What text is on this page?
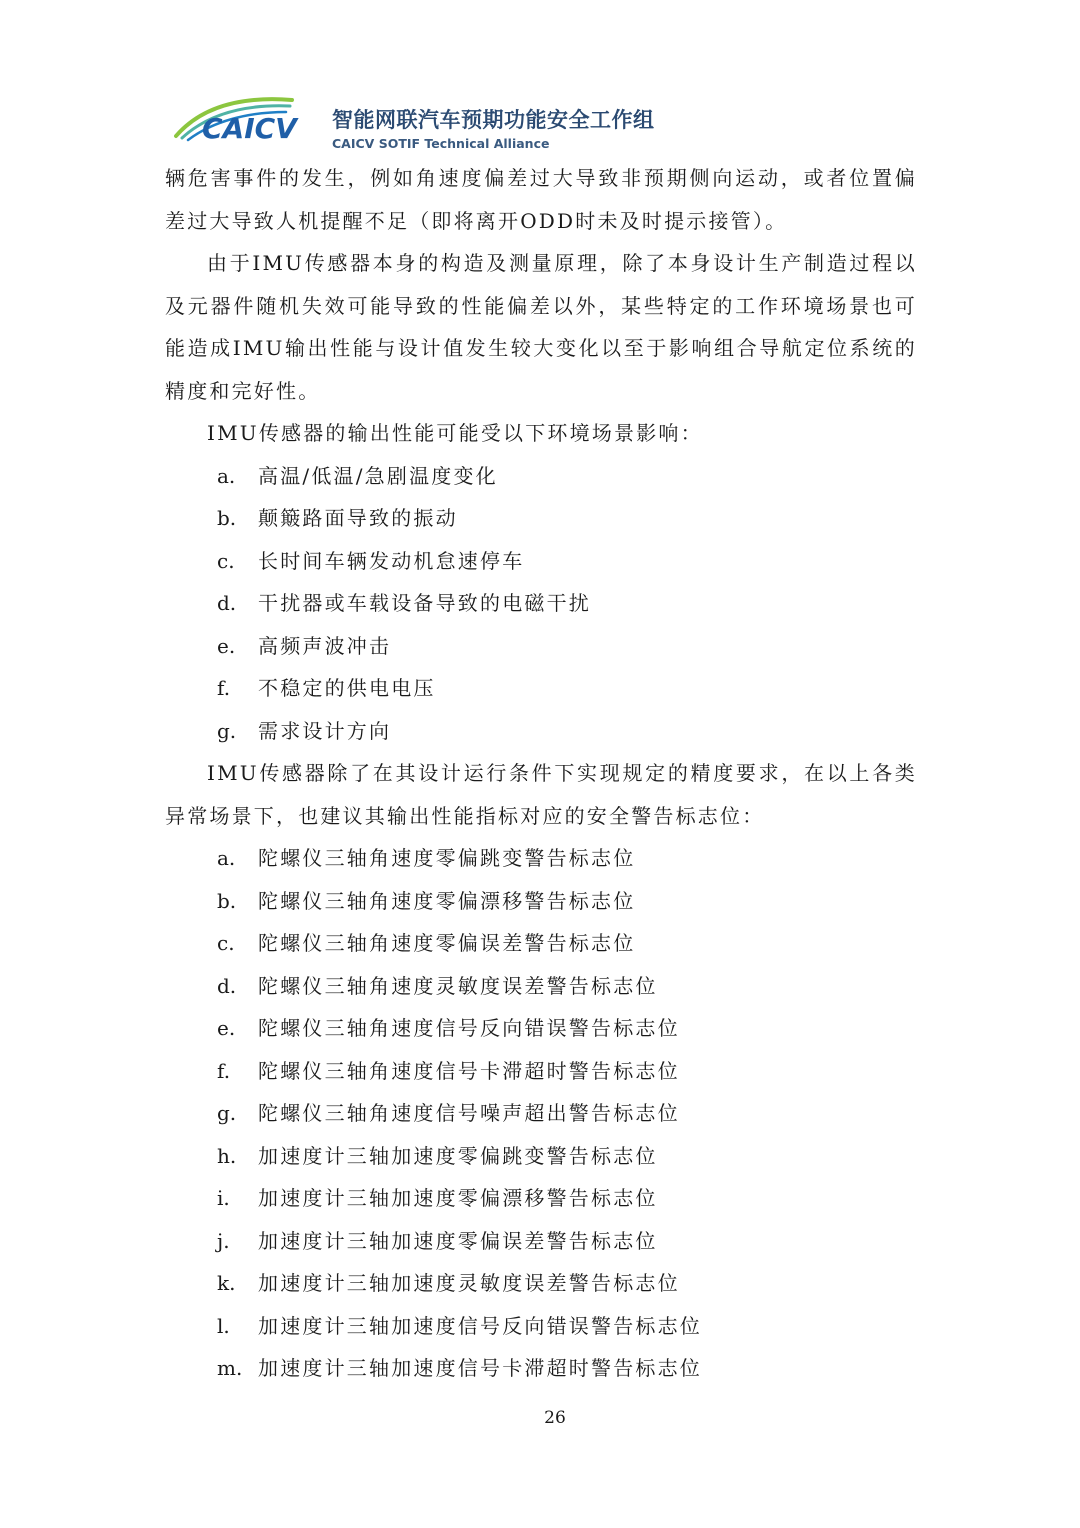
CAICV 智能网联汽车预期功能安全工作组
CAICV SOTIF Technical Alliance

辆危害事件的发生，例如角速度偏差过大导致非预期侧向运动，或者位置偏差过大导致人机提醒不足（即将离开ODD时未及时提示接管）。

由于IMU传感器本身的构造及测量原理，除了本身设计生产制造过程以及元器件随机失效可能导致的性能偏差以外，某些特定的工作环境场景也可能造成IMU输出性能与设计值发生较大变化以至于影响组合导航定位系统的精度和完好性。

IMU传感器的输出性能可能受以下环境场景影响：

a. 高温/低温/急剧温度变化
b. 颠簸路面导致的振动
c. 长时间车辆发动机怠速停车
d. 干扰器或车载设备导致的电磁干扰
e. 高频声波冲击
f. 不稳定的供电电压
g. 需求设计方向

IMU传感器除了在其设计运行条件下实现规定的精度要求，在以上各类异常场景下，也建议其输出性能指标对应的安全警告标志位：

a. 陀螺仪三轴角速度零偏跳变警告标志位
b. 陀螺仪三轴角速度零偏漂移警告标志位
c. 陀螺仪三轴角速度零偏误差警告标志位
d. 陀螺仪三轴角速度灵敏度误差警告标志位
e. 陀螺仪三轴角速度信号反向错误警告标志位
f. 陀螺仪三轴角速度信号卡滞超时警告标志位
g. 陀螺仪三轴角速度信号噪声超出警告标志位
h. 加速度计三轴加速度零偏跳变警告标志位
i. 加速度计三轴加速度零偏漂移警告标志位
j. 加速度计三轴加速度零偏误差警告标志位
k. 加速度计三轴加速度灵敏度误差警告标志位
l. 加速度计三轴加速度信号反向错误警告标志位
m. 加速度计三轴加速度信号卡滞超时警告标志位
26
